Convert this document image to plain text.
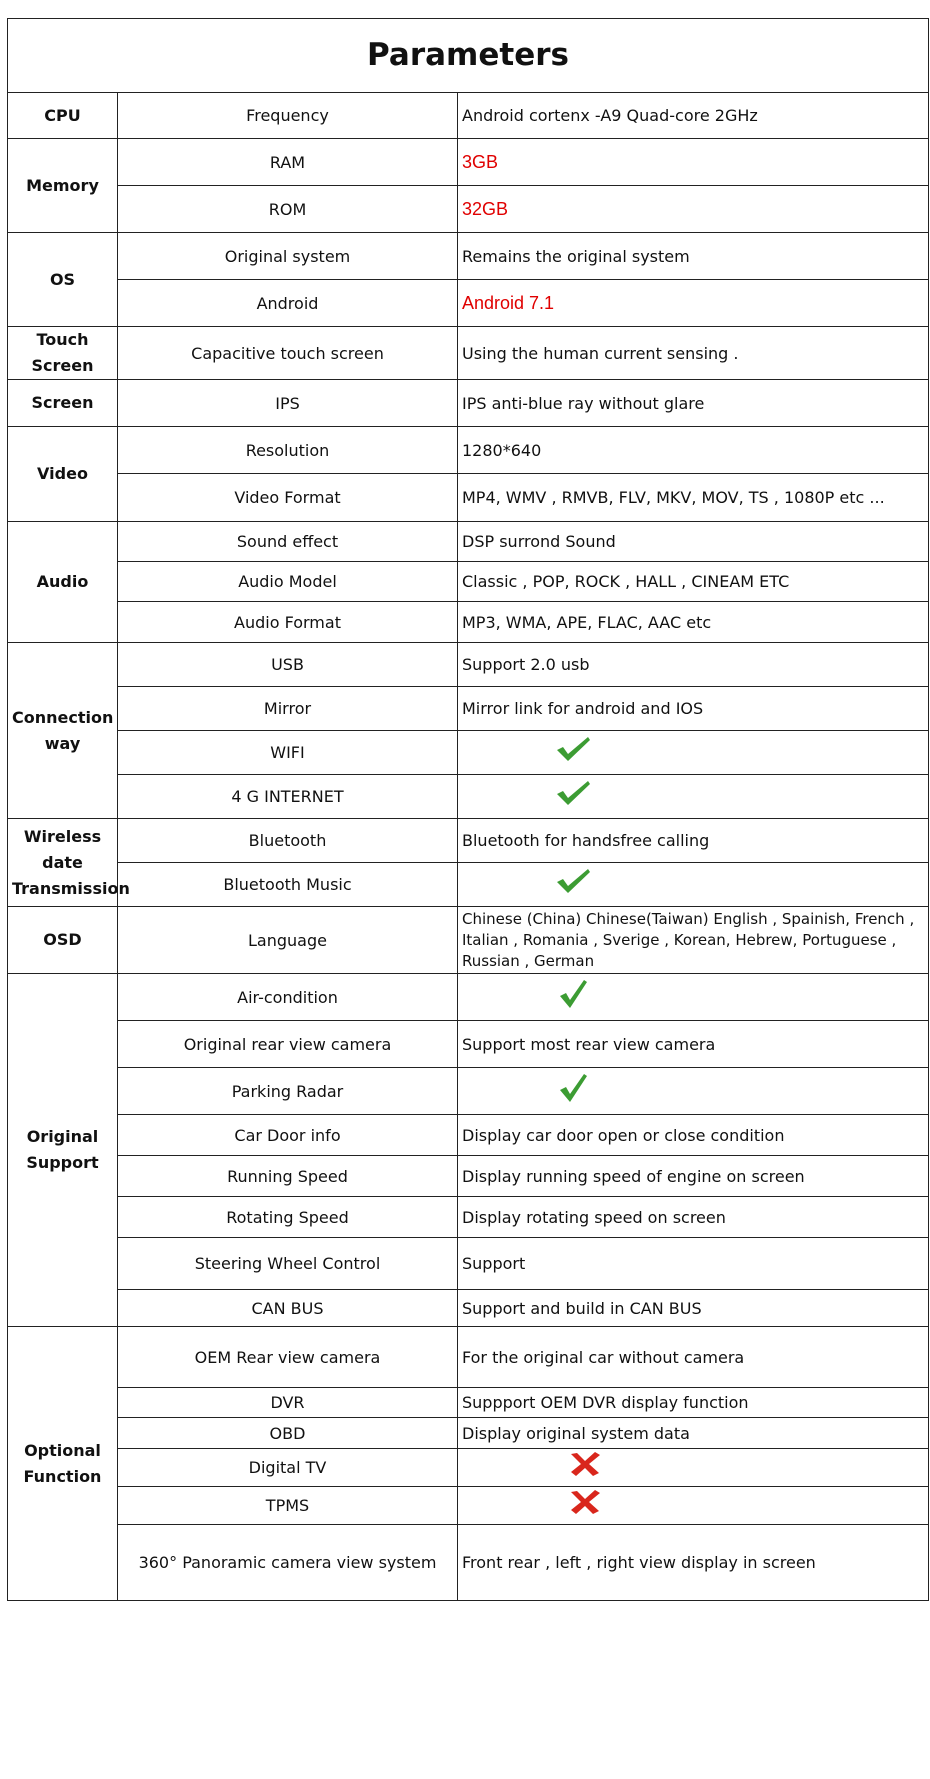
Parameters		
CPU	Frequency	Android cortenx -A9 Quad-core 2GHz
Memory	RAM	3GB
	ROM	32GB
OS	Original system	Remains the original system
	Android	Android 7.1
Touch Screen	Capacitive touch screen	Using the human current sensing .
Screen	IPS	IPS anti-blue ray without glare
Video	Resolution	1280*640
	Video Format	MP4, WMV , RMVB, FLV, MKV, MOV, TS , 1080P etc ...
Audio	Sound effect	DSP surrond Sound
	Audio Model	Classic , POP, ROCK , HALL , CINEAM ETC
	Audio Format	MP3, WMA, APE, FLAC, AAC etc
Connection way	USB	Support 2.0 usb
	Mirror	Mirror link for android and IOS
	WIFI	

	4 G INTERNET	

Wireless date Transmission	Bluetooth	Bluetooth for handsfree calling
	Bluetooth Music	

OSD	Language	Chinese (China) Chinese(Taiwan) English , Spainish, French , Italian , Romania , Sverige , Korean, Hebrew, Portuguese , Russian , German
Original Support	Air-condition	

	Original rear view camera	Support most rear view camera
	Parking Radar	

	Car Door info	Display car door open or close condition
	Running Speed	Display running speed of engine on screen
	Rotating Speed	Display rotating speed on screen
	Steering Wheel Control	Support
	CAN BUS	Support and build in CAN BUS
Optional Function	OEM Rear view camera	For the original car without camera
	DVR	Suppport OEM DVR display function
	OBD	Display original system data
	Digital TV	

	TPMS	

	360° Panoramic camera view system	Front rear , left , right view display in screen
